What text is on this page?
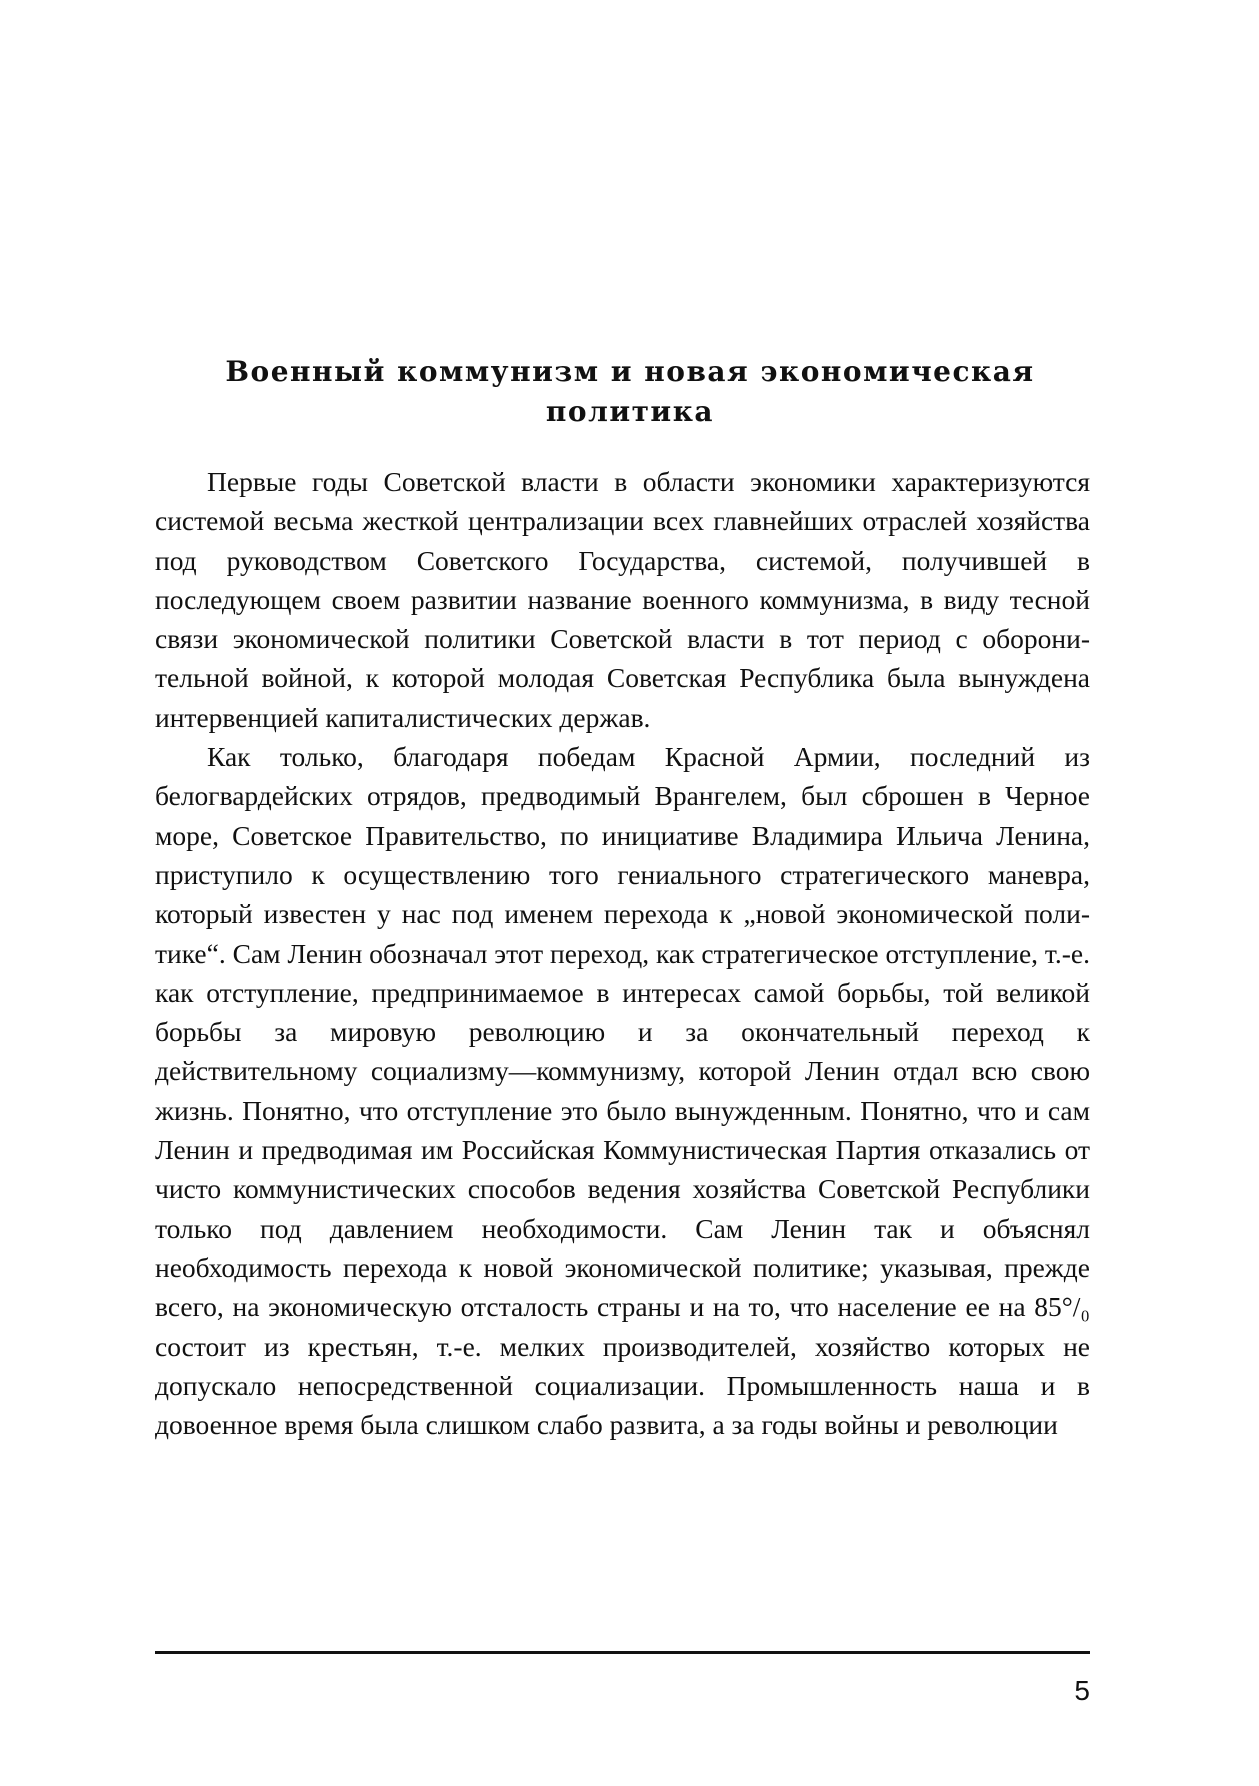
Военный коммунизм и новая экономическая
политика

Первые годы Советской власти в области экономики характеризуются системой весьма жесткой централизации всех главнейших отраслей хозяйства под руководством Советского Государства, системой, получившей в последующем своем развитии название военного коммунизма, в виду тесной связи экономической политики Советской власти в тот период с оборонительной войной, к которой молодая Советская Республика была вынуждена интервенцией капиталистических держав.

Как только, благодаря победам Красной Армии, последний из белогвардейских отрядов, предводимый Врангелем, был сброшен в Черное море, Советское Правительство, по инициативе Владимира Ильича Ленина, приступило к осуществлению того гениального стратегического маневра, который известен у нас под именем перехода к „новой экономической политике“. Сам Ленин обозначал этот переход, как стратегическое отступление, т.-е. как отступление, предпринимаемое в интересах самой борьбы, той великой борьбы за мировую революцию и за окончательный переход к действительному социализму—коммунизму, которой Ленин отдал всю свою жизнь. Понятно, что отступление это было вынужденным. Понятно, что и сам Ленин и предводимая им Российская Коммунистическая Партия отказались от чисто коммунистических способов ведения хозяйства Советской Республики только под давлением необходимости. Сам Ленин так и объяснял необходимость перехода к новой экономической политике; указывая, прежде всего, на экономическую отсталость страны и на то, что население ее на 85°/₀ состоит из крестьян, т.-е. мелких производителей, хозяйство которых не допускало непосредственной социализации. Промышленность наша и в довоенное время была слишком слабо развита, а за годы войны и революции

5
